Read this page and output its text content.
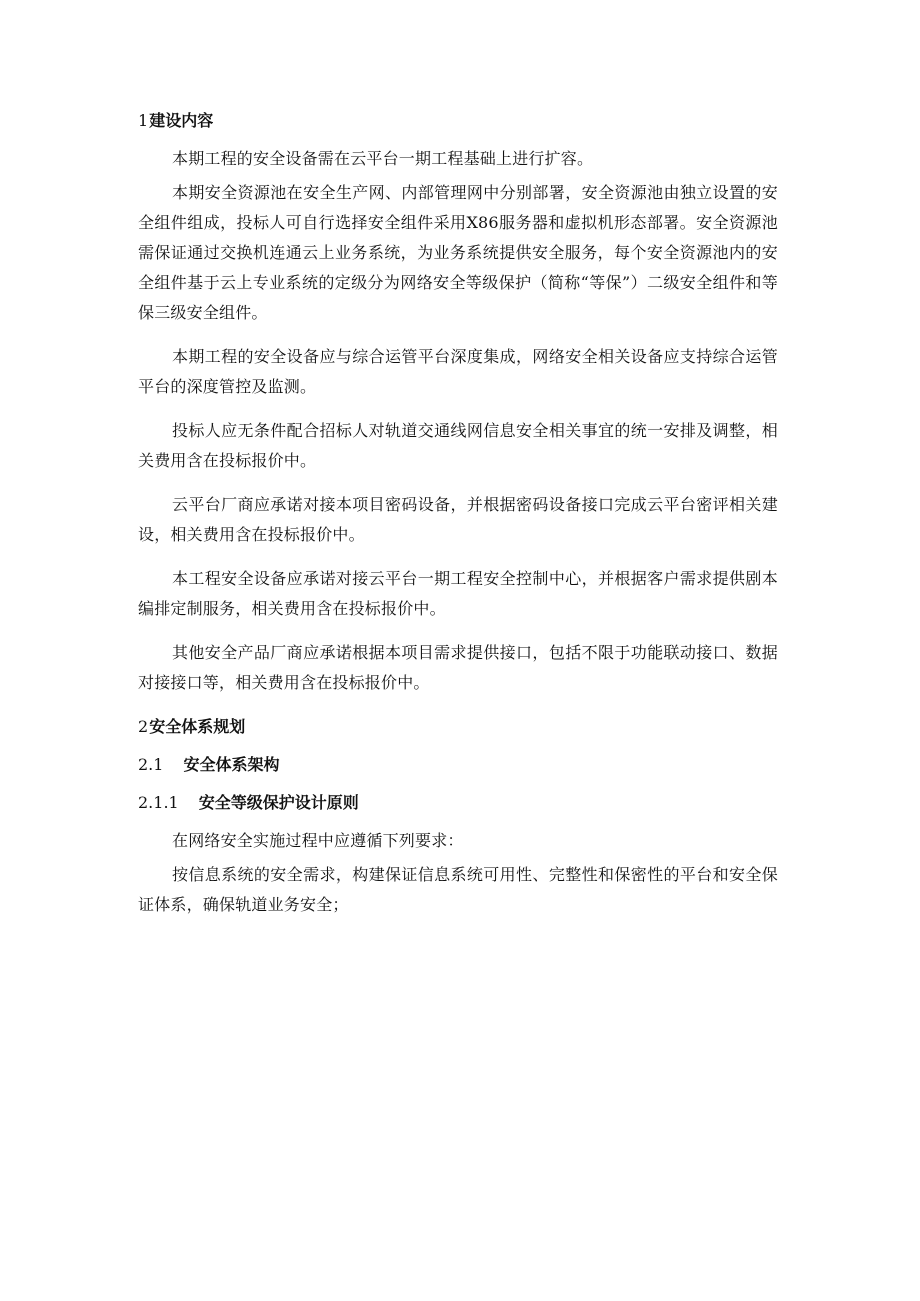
1 建设内容

本期工程的安全设备需在云平台一期工程基础上进行扩容。

本期安全资源池在安全生产网、内部管理网中分别部署，安全资源池由独立设置的安全组件组成，投标人可自行选择安全组件采用X86服务器和虚拟机形态部署。安全资源池需保证通过交换机连通云上业务系统，为业务系统提供安全服务，每个安全资源池内的安全组件基于云上专业系统的定级分为网络安全等级保护（简称“等保”）二级安全组件和等保三级安全组件。

本期工程的安全设备应与综合运管平台深度集成，网络安全相关设备应支持综合运管平台的深度管控及监测。

投标人应无条件配合招标人对轨道交通线网信息安全相关事宜的统一安排及调整，相关费用含在投标报价中。

云平台厂商应承诺对接本项目密码设备，并根据密码设备接口完成云平台密评相关建设，相关费用含在投标报价中。

本工程安全设备应承诺对接云平台一期工程安全控制中心，并根据客户需求提供剧本编排定制服务，相关费用含在投标报价中。

其他安全产品厂商应承诺根据本项目需求提供接口，包括不限于功能联动接口、数据对接接口等，相关费用含在投标报价中。

2 安全体系规划
2.1 安全体系架构
2.1.1 安全等级保护设计原则

在网络安全实施过程中应遵循下列要求：

按信息系统的安全需求，构建保证信息系统可用性、完整性和保密性的平台和安全保证体系，确保轨道业务安全；
